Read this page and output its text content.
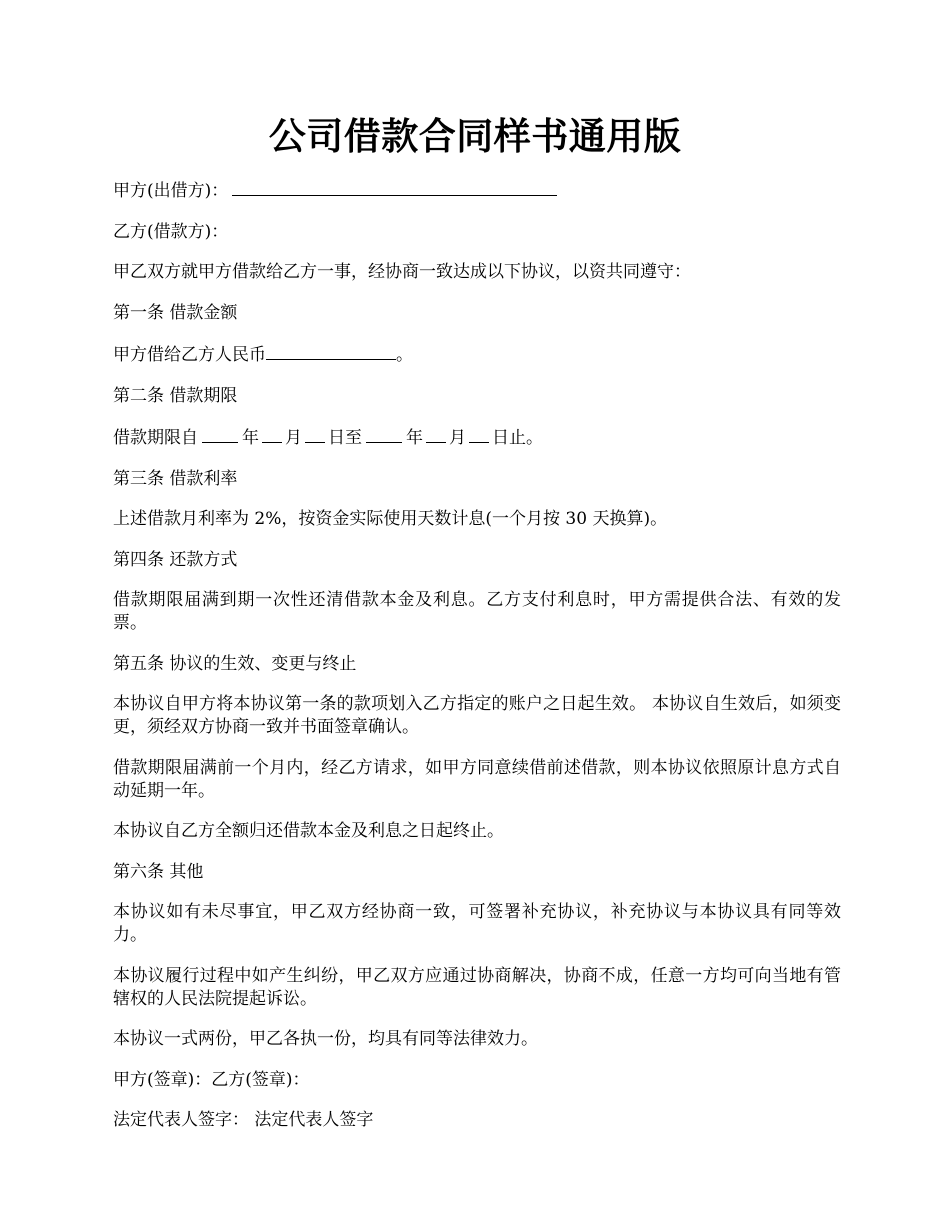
公司借款合同样书通用版

甲方(出借方)：

乙方(借款方)：

甲乙双方就甲方借款给乙方一事，经协商一致达成以下协议，以资共同遵守：

第一条 借款金额

甲方借给乙方人民币	。

第二条 借款期限

借款期限自	年 月 日至	年 月 日止。

第三条 借款利率

上述借款月利率为 2%，按资金实际使用天数计息(一个月按 30 天换算)。

第四条 还款方式

借款期限届满到期一次性还清借款本金及利息。乙方支付利息时，甲方需提供合法、有效的发票。

第五条 协议的生效、变更与终止

本协议自甲方将本协议第一条的款项划入乙方指定的账户之日起生效。 本协议自生效后，如须变更，须经双方协商一致并书面签章确认。

借款期限届满前一个月内，经乙方请求，如甲方同意续借前述借款，则本协议依照原计息方式自动延期一年。

本协议自乙方全额归还借款本金及利息之日起终止。

第六条 其他

本协议如有未尽事宜，甲乙双方经协商一致，可签署补充协议，补充协议与本协议具有同等效力。

本协议履行过程中如产生纠纷，甲乙双方应通过协商解决，协商不成，任意一方均可向当地有管辖权的人民法院提起诉讼。

本协议一式两份，甲乙各执一份，均具有同等法律效力。

甲方(签章)：乙方(签章)：

法定代表人签字： 法定代表人签字
